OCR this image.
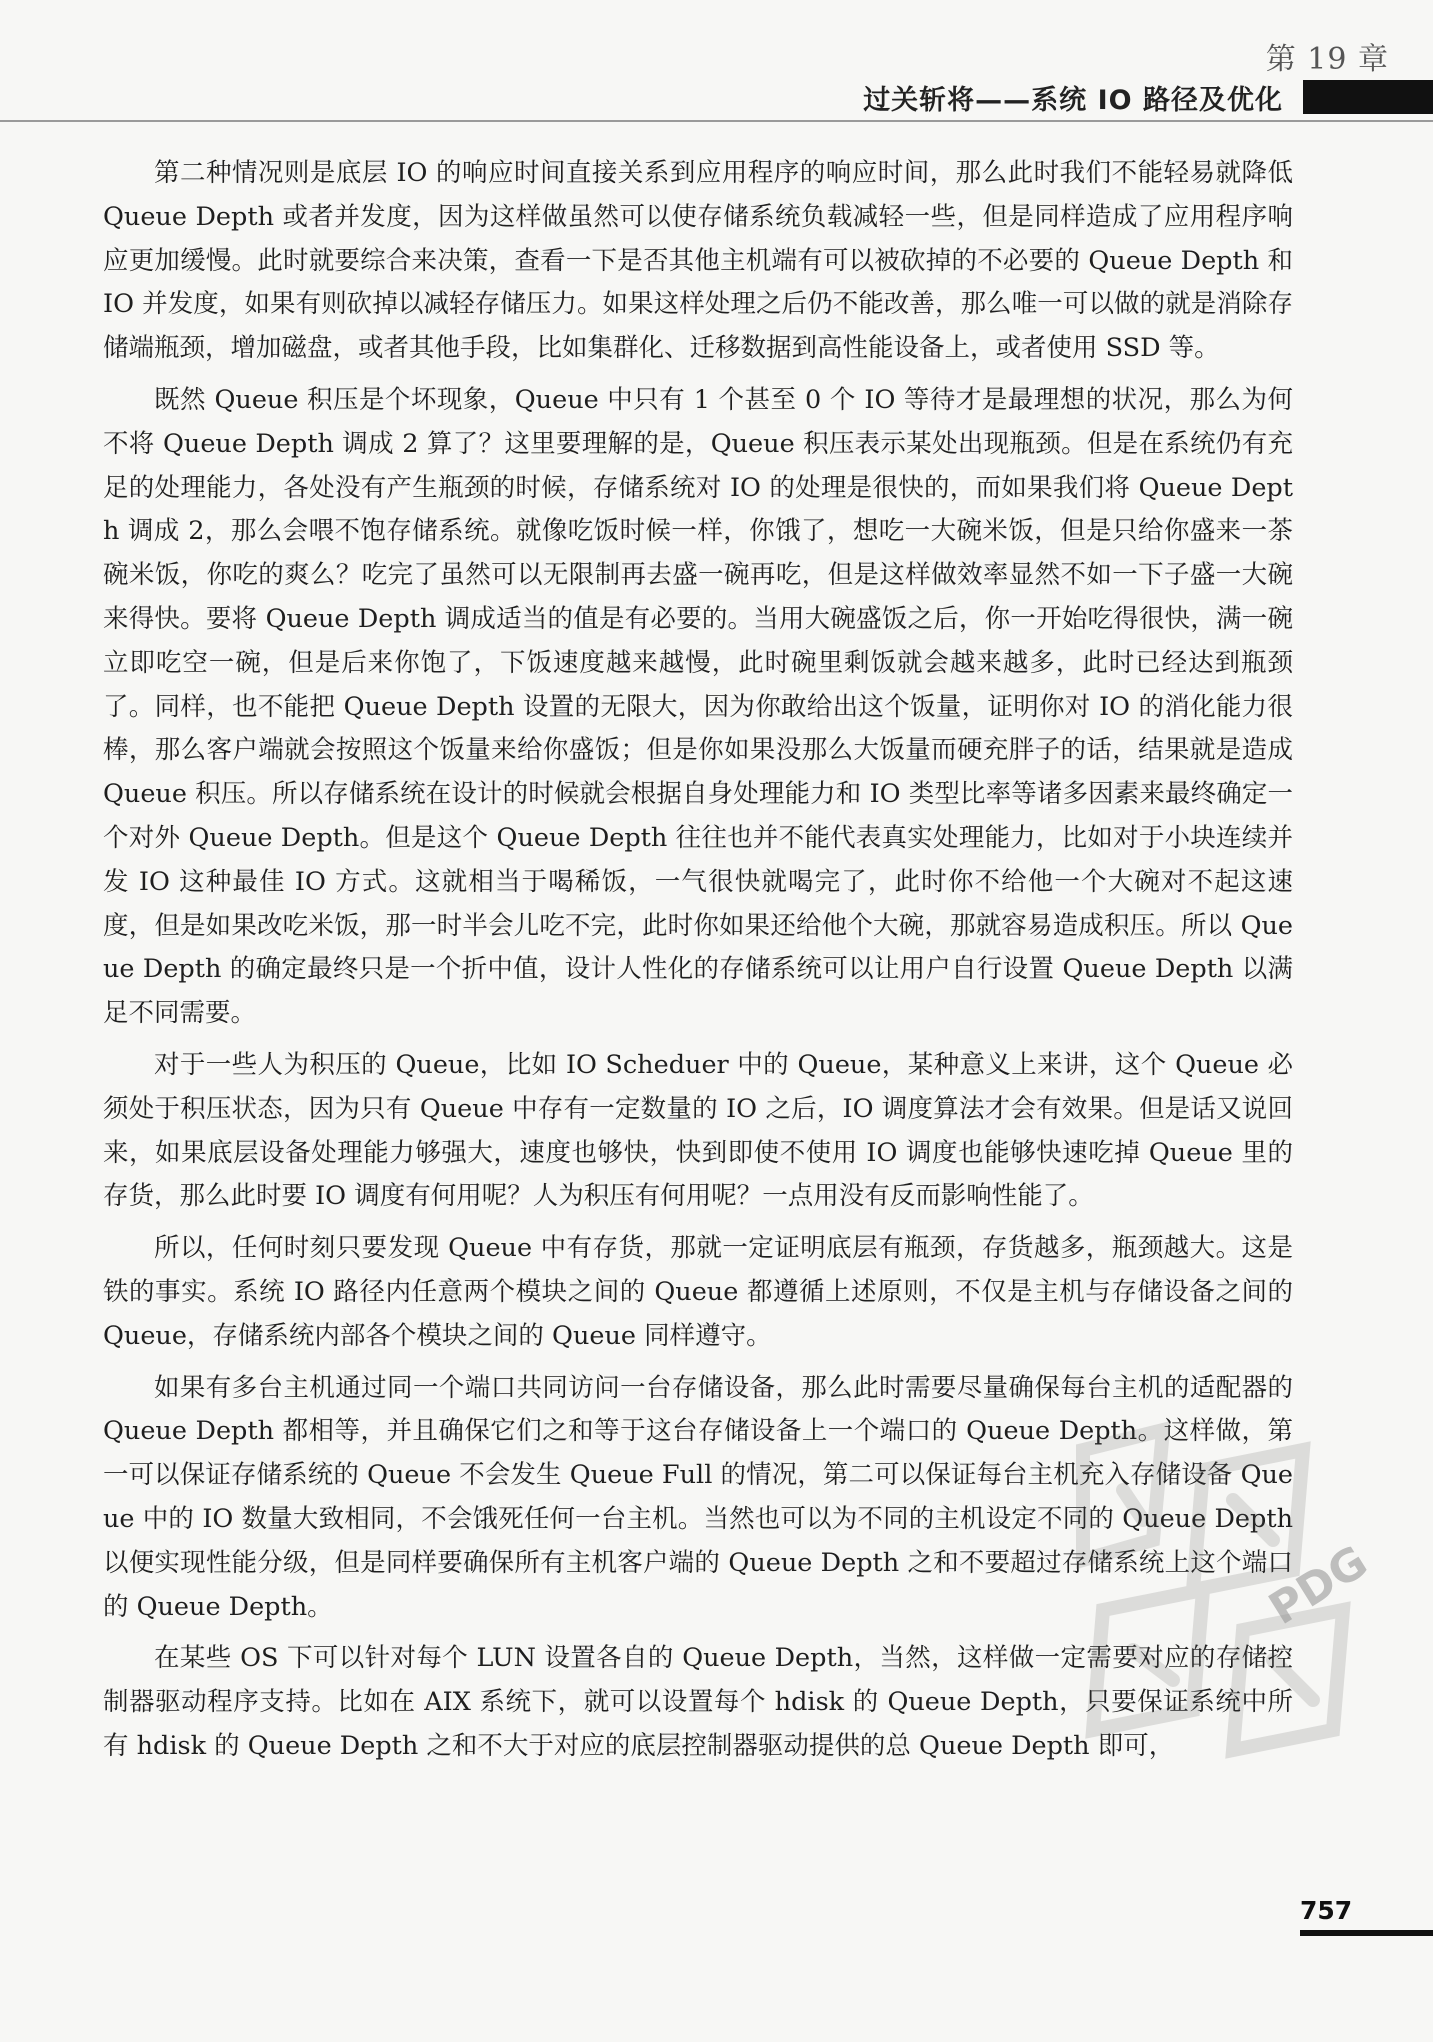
第 19 章
过关斩将——系统 IO 路径及优化

第二种情况则是底层 IO 的响应时间直接关系到应用程序的响应时间，那么此时我们不能轻易就降低 Queue Depth 或者并发度，因为这样做虽然可以使存储系统负载减轻一些，但是同样造成了应用程序响应更加缓慢。此时就要综合来决策，查看一下是否其他主机端有可以被砍掉的不必要的 Queue Depth 和 IO 并发度，如果有则砍掉以减轻存储压力。如果这样处理之后仍不能改善，那么唯一可以做的就是消除存储端瓶颈，增加磁盘，或者其他手段，比如集群化、迁移数据到高性能设备上，或者使用 SSD 等。

既然 Queue 积压是个坏现象，Queue 中只有 1 个甚至 0 个 IO 等待才是最理想的状况，那么为何不将 Queue Depth 调成 2 算了？这里要理解的是，Queue 积压表示某处出现瓶颈。但是在系统仍有充足的处理能力，各处没有产生瓶颈的时候，存储系统对 IO 的处理是很快的，而如果我们将 Queue Depth 调成 2，那么会喂不饱存储系统。就像吃饭时候一样，你饿了，想吃一大碗米饭，但是只给你盛来一茶碗米饭，你吃的爽么？吃完了虽然可以无限制再去盛一碗再吃，但是这样做效率显然不如一下子盛一大碗来得快。要将 Queue Depth 调成适当的值是有必要的。当用大碗盛饭之后，你一开始吃得很快，满一碗立即吃空一碗，但是后来你饱了，下饭速度越来越慢，此时碗里剩饭就会越来越多，此时已经达到瓶颈了。同样，也不能把 Queue Depth 设置的无限大，因为你敢给出这个饭量，证明你对 IO 的消化能力很棒，那么客户端就会按照这个饭量来给你盛饭；但是你如果没那么大饭量而硬充胖子的话，结果就是造成 Queue 积压。所以存储系统在设计的时候就会根据自身处理能力和 IO 类型比率等诸多因素来最终确定一个对外 Queue Depth。但是这个 Queue Depth 往往也并不能代表真实处理能力，比如对于小块连续并发 IO 这种最佳 IO 方式。这就相当于喝稀饭，一气很快就喝完了，此时你不给他一个大碗对不起这速度，但是如果改吃米饭，那一时半会儿吃不完，此时你如果还给他个大碗，那就容易造成积压。所以 Queue Depth 的确定最终只是一个折中值，设计人性化的存储系统可以让用户自行设置 Queue Depth 以满足不同需要。

对于一些人为积压的 Queue，比如 IO Scheduer 中的 Queue，某种意义上来讲，这个 Queue 必须处于积压状态，因为只有 Queue 中存有一定数量的 IO 之后，IO 调度算法才会有效果。但是话又说回来，如果底层设备处理能力够强大，速度也够快，快到即使不使用 IO 调度也能够快速吃掉 Queue 里的存货，那么此时要 IO 调度有何用呢？人为积压有何用呢？一点用没有反而影响性能了。

所以，任何时刻只要发现 Queue 中有存货，那就一定证明底层有瓶颈，存货越多，瓶颈越大。这是铁的事实。系统 IO 路径内任意两个模块之间的 Queue 都遵循上述原则，不仅是主机与存储设备之间的 Queue，存储系统内部各个模块之间的 Queue 同样遵守。

如果有多台主机通过同一个端口共同访问一台存储设备，那么此时需要尽量确保每台主机的适配器的 Queue Depth 都相等，并且确保它们之和等于这台存储设备上一个端口的 Queue Depth。这样做，第一可以保证存储系统的 Queue 不会发生 Queue Full 的情况，第二可以保证每台主机充入存储设备 Queue 中的 IO 数量大致相同，不会饿死任何一台主机。当然也可以为不同的主机设定不同的 Queue Depth 以便实现性能分级，但是同样要确保所有主机客户端的 Queue Depth 之和不要超过存储系统上这个端口的 Queue Depth。

在某些 OS 下可以针对每个 LUN 设置各自的 Queue Depth，当然，这样做一定需要对应的存储控制器驱动程序支持。比如在 AIX 系统下，就可以设置每个 hdisk 的 Queue Depth，只要保证系统中所有 hdisk 的 Queue Depth 之和不大于对应的底层控制器驱动提供的总 Queue Depth 即可，

PDG
757
